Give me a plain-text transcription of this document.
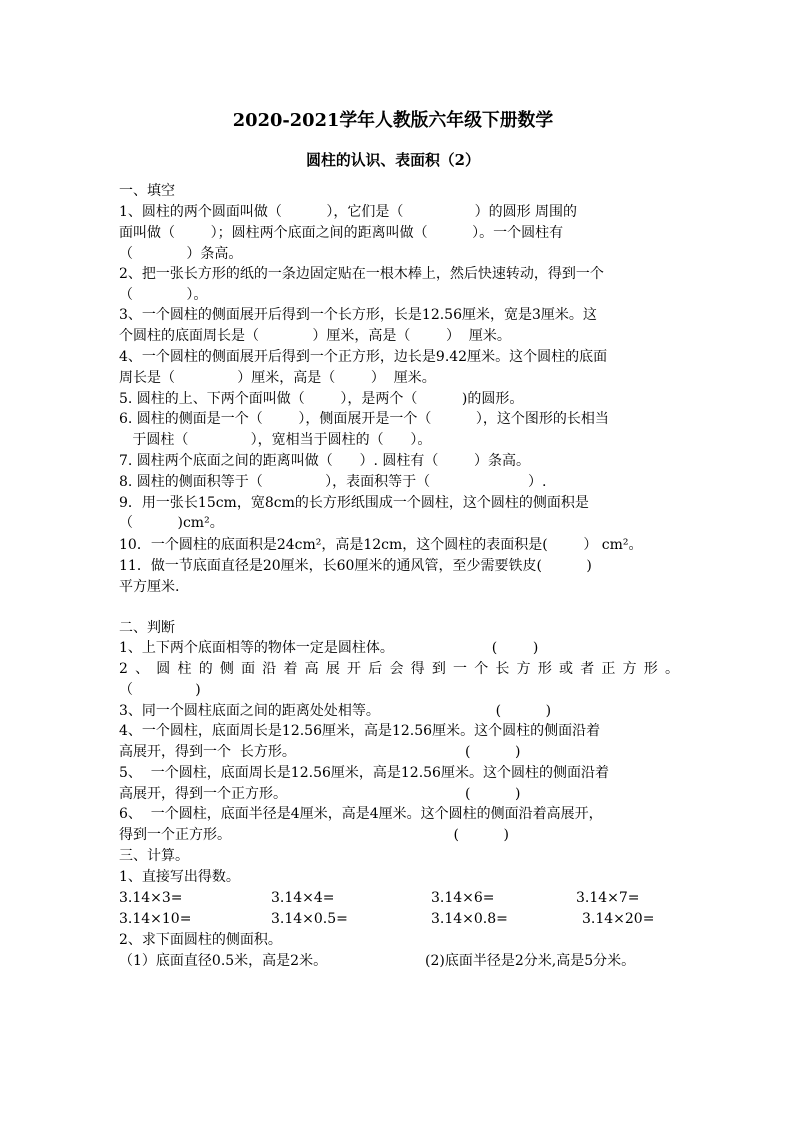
2020-2021学年人教版六年级下册数学
圆柱的认识、表面积（2）
一、填空
1、圆柱的两个圆面叫做（          ），它们是（                ）的圆形 周围的
面叫做（        ）；圆柱两个底面之间的距离叫做（          ）。一个圆柱有
（            ）条高。
2、把一张长方形的纸的一条边固定贴在一根木棒上，然后快速转动，得到一个
（            ）。
3、一个圆柱的侧面展开后得到一个长方形，长是12.56厘米，宽是3厘米。这
个圆柱的底面周长是（            ）厘米，高是（        ）  厘米。
4、一个圆柱的侧面展开后得到一个正方形，边长是9.42厘米。这个圆柱的底面
周长是（              ）厘米，高是（        ）  厘米。
5. 圆柱的上、下两个面叫做（        ），是两个（          )的圆形。
6. 圆柱的侧面是一个（        ），侧面展开是一个（          ），这个图形的长相当
于圆柱（              ），宽相当于圆柱的（      ）。
7. 圆柱两个底面之间的距离叫做（      ）. 圆柱有（        ）条高。
8. 圆柱的侧面积等于（              ），表面积等于（                      ）.
9．用一张长15cm，宽8cm的长方形纸围成一个圆柱，这个圆柱的侧面积是
（          )cm²。
10．一个圆柱的底面积是24cm²，高是12cm，这个圆柱的表面积是(        ） cm²。
11．做一节底面直径是20厘米，长60厘米的通风管，至少需要铁皮(          )
平方厘米.
二、判断
1、上下两个底面相等的物体一定是圆柱体。                      (        )
2、圆柱的侧面沿着高展开后会得到一个长方形或者正方形。
（              )
3、同一个圆柱底面之间的距离处处相等。                          (          )
4、一个圆柱，底面周长是12.56厘米，高是12.56厘米。这个圆柱的侧面沿着
高展开，得到一个  长方形。                                      (          )
5、  一个圆柱，底面周长是12.56厘米，高是12.56厘米。这个圆柱的侧面沿着
高展开，得到一个正方形。                                        (          )
6、  一个圆柱，底面半径是4厘米，高是4厘米。这个圆柱的侧面沿着高展开，
得到一个正方形。                                                  (          )
三、计算。
1、直接写出得数。
3.14×3=	3.14×4=	3.14×6=	3.14×7=
3.14×10=	3.14×0.5=	3.14×0.8=	3.14×20=
2、求下面圆柱的侧面积。
（1）底面直径0.5米，高是2米。	(2)底面半径是2分米,高是5分米。
